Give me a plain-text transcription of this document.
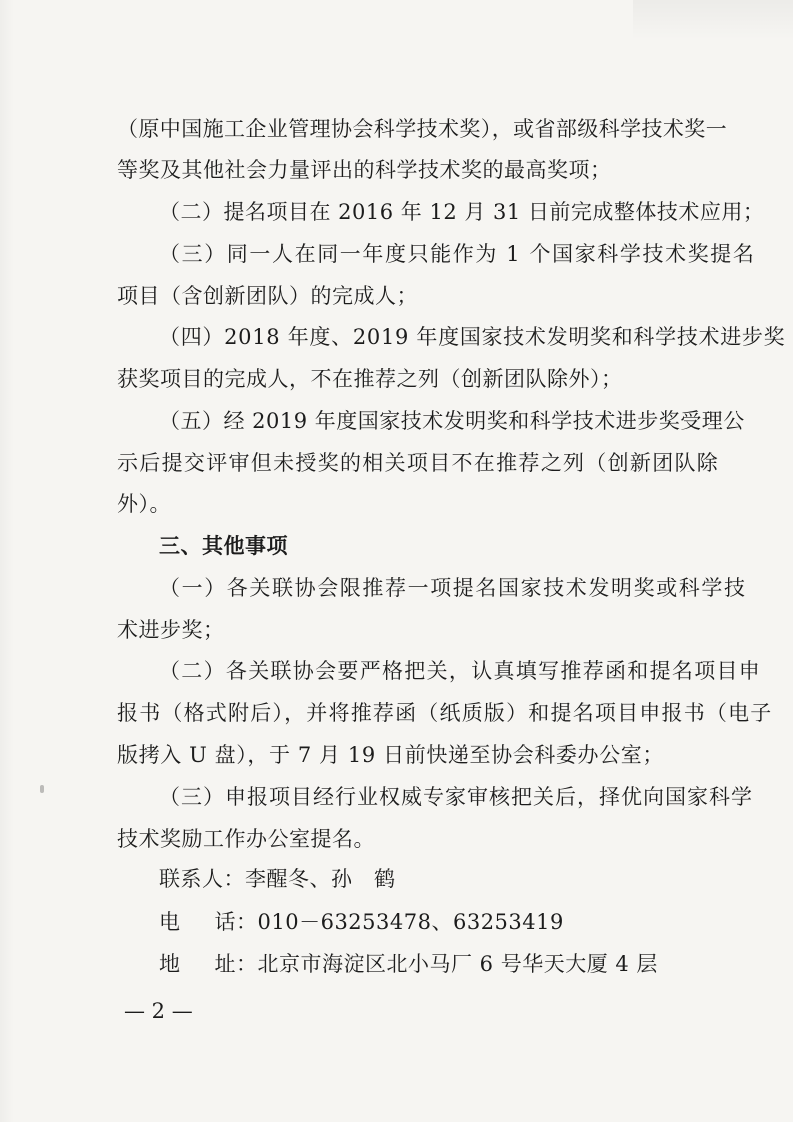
（原中国施工企业管理协会科学技术奖），或省部级科学技术奖一
等奖及其他社会力量评出的科学技术奖的最高奖项；
（二）提名项目在 2016 年 12 月 31 日前完成整体技术应用；
（三）同一人在同一年度只能作为 1 个国家科学技术奖提名
项目（含创新团队）的完成人；
（四）2018 年度、2019 年度国家技术发明奖和科学技术进步奖
获奖项目的完成人，不在推荐之列（创新团队除外）；
（五）经 2019 年度国家技术发明奖和科学技术进步奖受理公
示后提交评审但未授奖的相关项目不在推荐之列（创新团队除
外）。
三、其他事项
（一）各关联协会限推荐一项提名国家技术发明奖或科学技
术进步奖；
（二）各关联协会要严格把关，认真填写推荐函和提名项目申
报书（格式附后），并将推荐函（纸质版）和提名项目申报书（电子
版拷入 U 盘），于 7 月 19 日前快递至协会科委办公室；
（三）申报项目经行业权威专家审核把关后，择优向国家科学
技术奖励工作办公室提名。
联系人：李醒冬、孙　鹤
电 话：010－63253478、63253419
地 址：北京市海淀区北小马厂 6 号华天大厦 4 层
— 2 —
